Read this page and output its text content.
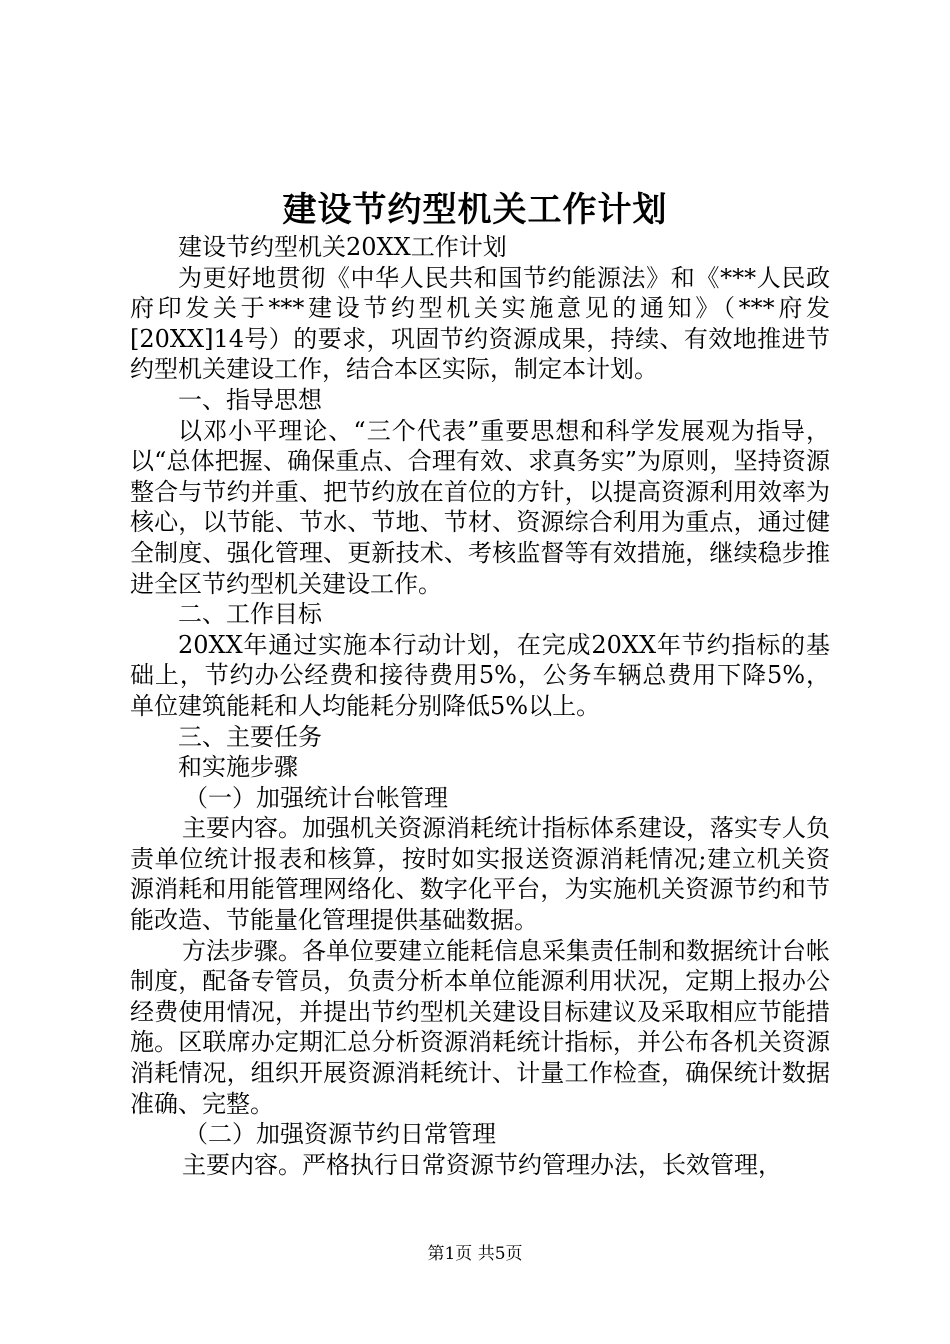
建设节约型机关工作计划

建设节约型机关20XX工作计划

为更好地贯彻《中华人民共和国节约能源法》和《***人民政府印发关于***建设节约型机关实施意见的通知》（***府发[20XX]14号）的要求，巩固节约资源成果，持续、有效地推进节约型机关建设工作，结合本区实际，制定本计划。

一、指导思想

以邓小平理论、“三个代表”重要思想和科学发展观为指导，以“总体把握、确保重点、合理有效、求真务实”为原则，坚持资源整合与节约并重、把节约放在首位的方针，以提高资源利用效率为核心，以节能、节水、节地、节材、资源综合利用为重点，通过健全制度、强化管理、更新技术、考核监督等有效措施，继续稳步推进全区节约型机关建设工作。

二、工作目标

20XX年通过实施本行动计划，在完成20XX年节约指标的基础上，节约办公经费和接待费用5%，公务车辆总费用下降5%，单位建筑能耗和人均能耗分别降低5%以上。

三、主要任务

和实施步骤

（一）加强统计台帐管理

主要内容。加强机关资源消耗统计指标体系建设，落实专人负责单位统计报表和核算，按时如实报送资源消耗情况;建立机关资源消耗和用能管理网络化、数字化平台，为实施机关资源节约和节能改造、节能量化管理提供基础数据。

方法步骤。各单位要建立能耗信息采集责任制和数据统计台帐制度，配备专管员，负责分析本单位能源利用状况，定期上报办公经费使用情况，并提出节约型机关建设目标建议及采取相应节能措施。区联席办定期汇总分析资源消耗统计指标，并公布各机关资源消耗情况，组织开展资源消耗统计、计量工作检查，确保统计数据准确、完整。

（二）加强资源节约日常管理

主要内容。严格执行日常资源节约管理办法，长效管理，

第1页 共5页
